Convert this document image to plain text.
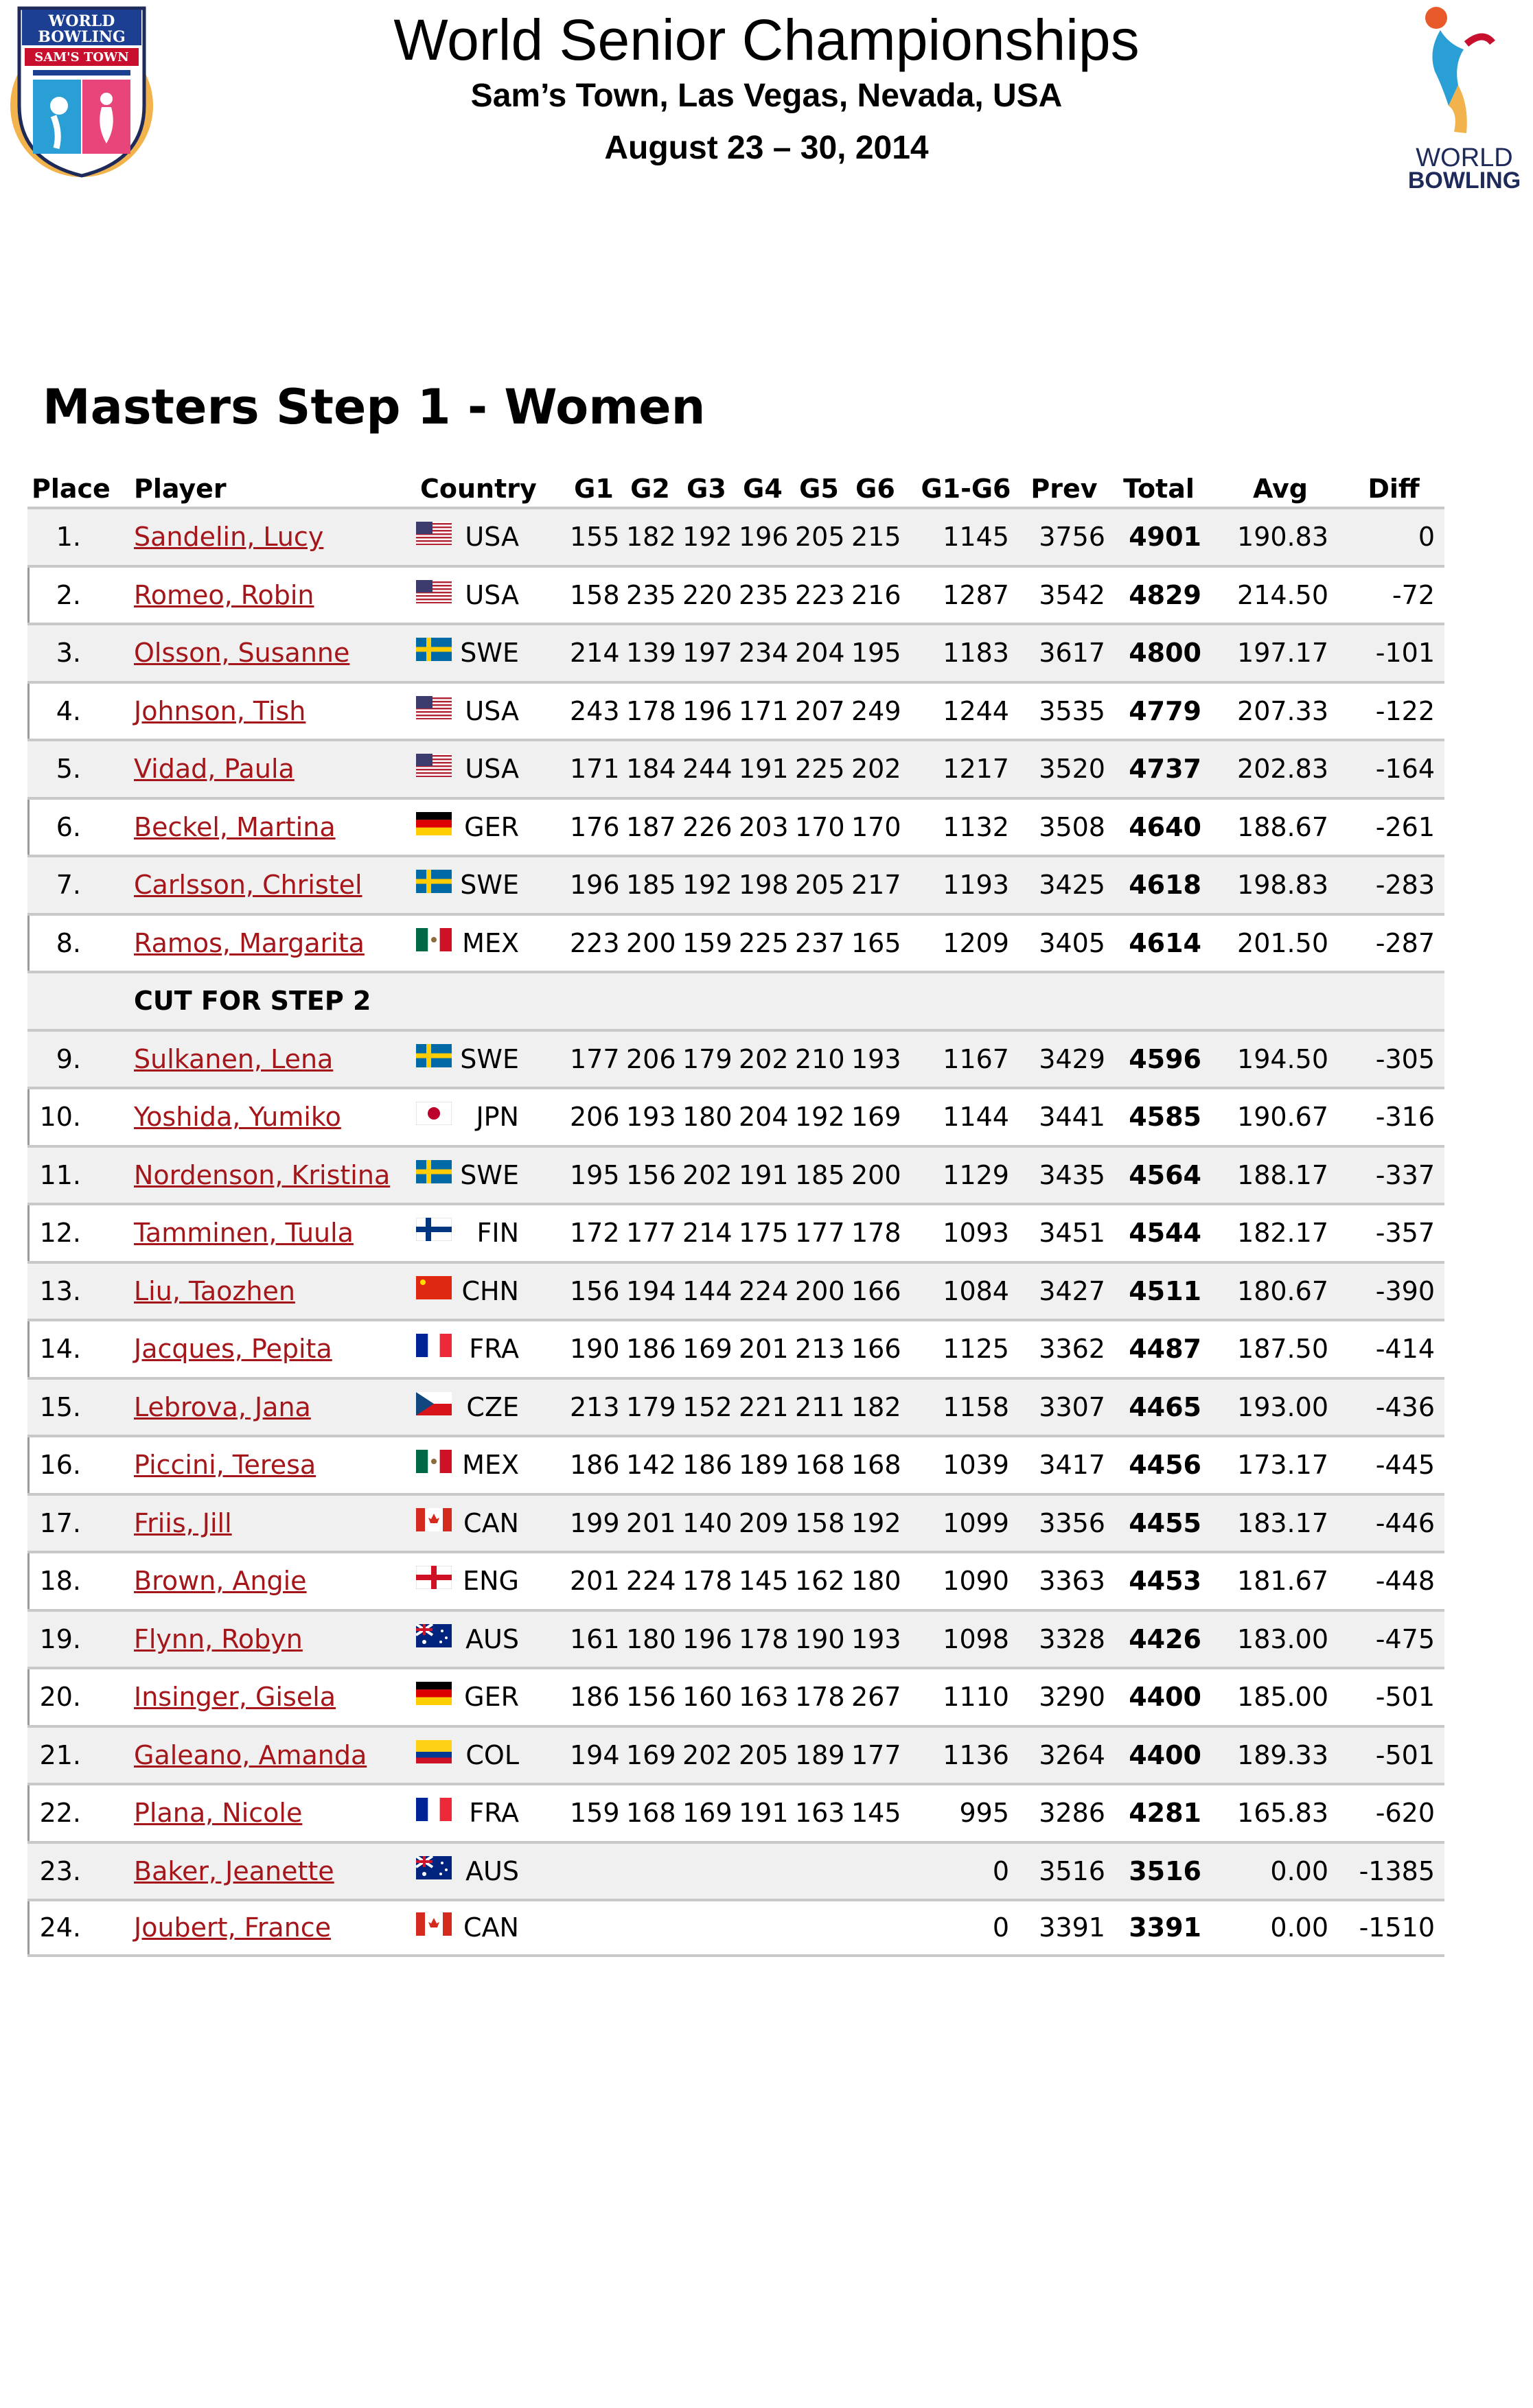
World Senior Championships
Sam’s Town, Las Vegas, Nevada, USA
August 23 – 30, 2014
WORLD
BOWLING
SAM'S TOWN
WORLD
BOWLING
Masters Step 1 - Women
Place Player	Country G1 G2 G3 G4 G5 G6 G1-G6 Prev Total	Avg	Diff
1. Sandelin, Lucy	USA 155 182 192 196 205 215	1145	3756 4901	190.83	0
2. Romeo, Robin	USA 158 235 220 235 223 216	1287	3542 4829	214.50	-72
3. Olsson, Susanne	SWE 214 139 197 234 204 195	1183	3617 4800	197.17	-101
4. Johnson, Tish	USA 243 178 196 171 207 249	1244	3535 4779	207.33	-122
5. Vidad, Paula	USA 171 184 244 191 225 202	1217	3520 4737	202.83	-164
6. Beckel, Martina	GER 176 187 226 203 170 170	1132	3508 4640	188.67	-261
7. Carlsson, Christel	SWE 196 185 192 198 205 217	1193	3425 4618	198.83	-283
8. Ramos, Margarita	MEX 223 200 159 225 237 165	1209	3405 4614	201.50	-287
CUT FOR STEP 2
9. Sulkanen, Lena	SWE 177 206 179 202 210 193	1167	3429 4596	194.50	-305
10. Yoshida, Yumiko	JPN 206 193 180 204 192 169	1144	3441 4585	190.67	-316
11. Nordenson, Kristina	SWE 195 156 202 191 185 200	1129	3435 4564	188.17	-337
12. Tamminen, Tuula	FIN 172 177 214 175 177 178	1093	3451 4544	182.17	-357
13. Liu, Taozhen	CHN 156 194 144 224 200 166	1084	3427 4511	180.67	-390
14. Jacques, Pepita	FRA 190 186 169 201 213 166	1125	3362 4487	187.50	-414
15. Lebrova, Jana	CZE 213 179 152 221 211 182	1158	3307 4465	193.00	-436
16. Piccini, Teresa	MEX 186 142 186 189 168 168	1039	3417 4456	173.17	-445
17. Friis, Jill	CAN 199 201 140 209 158 192	1099	3356 4455	183.17	-446
18. Brown, Angie	ENG 201 224 178 145 162 180	1090	3363 4453	181.67	-448
19. Flynn, Robyn	AUS 161 180 196 178 190 193	1098	3328 4426	183.00	-475
20. Insinger, Gisela	GER 186 156 160 163 178 267	1110	3290 4400	185.00	-501
21. Galeano, Amanda	COL 194 169 202 205 189 177	1136	3264 4400	189.33	-501
22. Plana, Nicole	FRA 159 168 169 191 163 145	995	3286 4281	165.83	-620
23. Baker, Jeanette	AUS	0	3516 3516	0.00	-1385
24. Joubert, France	CAN	0	3391 3391	0.00	-1510
